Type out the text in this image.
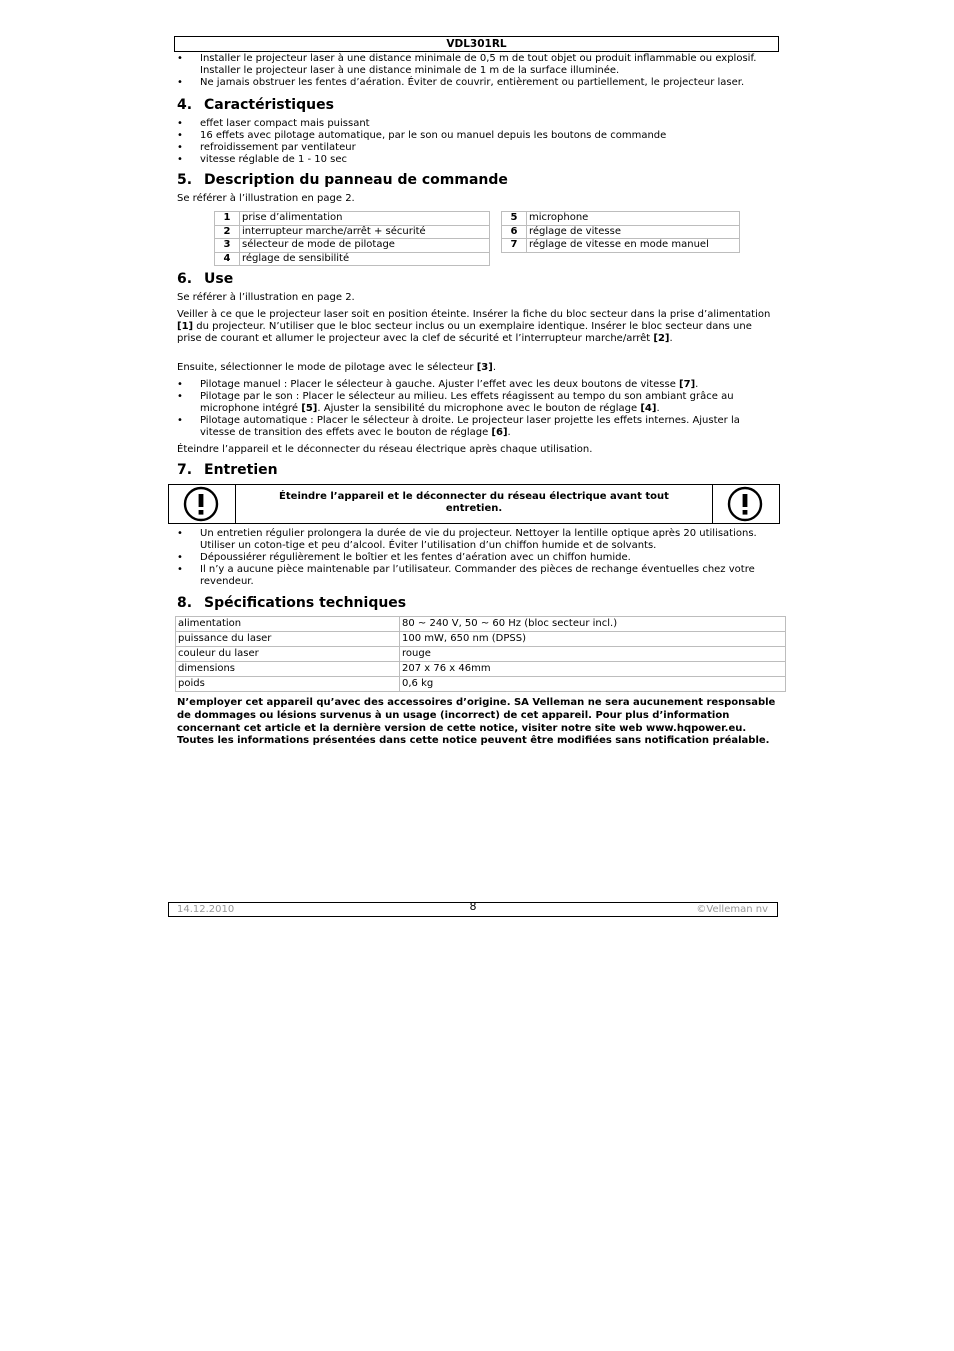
VDL301RL
• Installer le projecteur laser à une distance minimale de 0,5 m de tout objet ou produit inflammable ou explosif. Installer le projecteur laser à une distance minimale de 1 m de la surface illuminée.
• Ne jamais obstruer les fentes d’aération. Éviter de couvrir, entièrement ou partiellement, le projecteur laser.
4. Caractéristiques
• effet laser compact mais puissant
• 16 effets avec pilotage automatique, par le son ou manuel depuis les boutons de commande
• refroidissement par ventilateur
• vitesse réglable de 1 - 10 sec
5. Description du panneau de commande

Se référer à l’illustration en page 2.

1	prise d’alimentation
2	interrupteur marche/arrêt + sécurité
3	sélecteur de mode de pilotage
4	réglage de sensibilité
5	microphone
6	réglage de vitesse
7	réglage de vitesse en mode manuel
6. Use

Se référer à l’illustration en page 2.

Veiller à ce que le projecteur laser soit en position éteinte. Insérer la fiche du bloc secteur dans la prise d’alimentation [1] du projecteur. N’utiliser que le bloc secteur inclus ou un exemplaire identique. Insérer le bloc secteur dans une prise de courant et allumer le projecteur avec la clef de sécurité et l’interrupteur marche/arrêt [2].

Ensuite, sélectionner le mode de pilotage avec le sélecteur [3].

• Pilotage manuel : Placer le sélecteur à gauche. Ajuster l’effet avec les deux boutons de vitesse [7].
• Pilotage par le son : Placer le sélecteur au milieu. Les effets réagissent au tempo du son ambiant grâce au microphone intégré [5]. Ajuster la sensibilité du microphone avec le bouton de réglage [4].
• Pilotage automatique : Placer le sélecteur à droite. Le projecteur laser projette les effets internes. Ajuster la vitesse de transition des effets avec le bouton de réglage [6].

Éteindre l’appareil et le déconnecter du réseau électrique après chaque utilisation.

7. Entretien
Éteindre l’appareil et le déconnecter du réseau électrique avant tout
entretien.
• Un entretien régulier prolongera la durée de vie du projecteur. Nettoyer la lentille optique après 20 utilisations. Utiliser un coton-tige et peu d’alcool. Éviter l’utilisation d’un chiffon humide et de solvants.
• Dépoussiérer régulièrement le boîtier et les fentes d’aération avec un chiffon humide.
• Il n’y a aucune pièce maintenable par l’utilisateur. Commander des pièces de rechange éventuelles chez votre revendeur.
8. Spécifications techniques
alimentation	80 ~ 240 V, 50 ~ 60 Hz (bloc secteur incl.)
puissance du laser	100 mW, 650 nm (DPSS)
couleur du laser	rouge
dimensions	207 x 76 x 46mm
poids	0,6 kg

N’employer cet appareil qu’avec des accessoires d’origine. SA Velleman ne sera aucunement responsable de dommages ou lésions survenus à un usage (incorrect) de cet appareil. Pour plus d’information concernant cet article et la dernière version de cette notice, visiter notre site web www.hqpower.eu. Toutes les informations présentées dans cette notice peuvent être modifiées sans notification préalable.

14.12.2010	8	©Velleman nv
